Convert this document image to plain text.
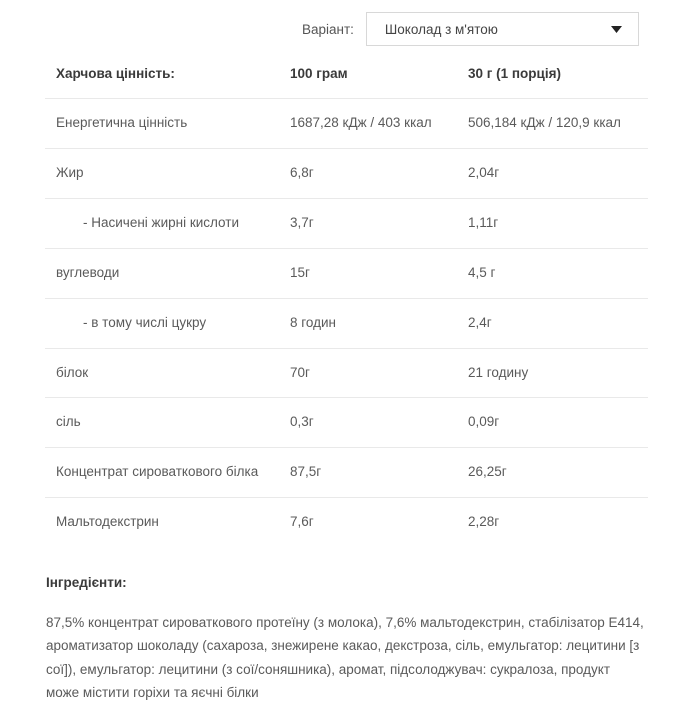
Варіант:	Шоколад з м'ятою
Харчова цінність:	100 грам	30 г (1 порція)
Енергетична цінність	1687,28 кДж / 403 ккал	506,184 кДж / 120,9 ккал
Жир	6,8г	2,04г
- Насичені жирні кислоти	3,7г	1,11г
вуглеводи	15г	4,5 г
- в тому числі цукру	8 годин	2,4г
білок	70г	21 годину
сіль	0,3г	0,09г
Концентрат сироваткового білка	87,5г	26,25г
Мальтодекстрин	7,6г	2,28г
Інгредієнти:
87,5% концентрат сироваткового протеїну (з молока), 7,6% мальтодекстрин, стабілізатор E414, ароматизатор шоколаду (сахароза, знежирене какао, декстроза, сіль, емульгатор: лецитини [з сої]), емульгатор: лецитини (з сої/соняшника), аромат, підсолоджувач: сукралоза, продукт може містити горіхи та яєчні білки
